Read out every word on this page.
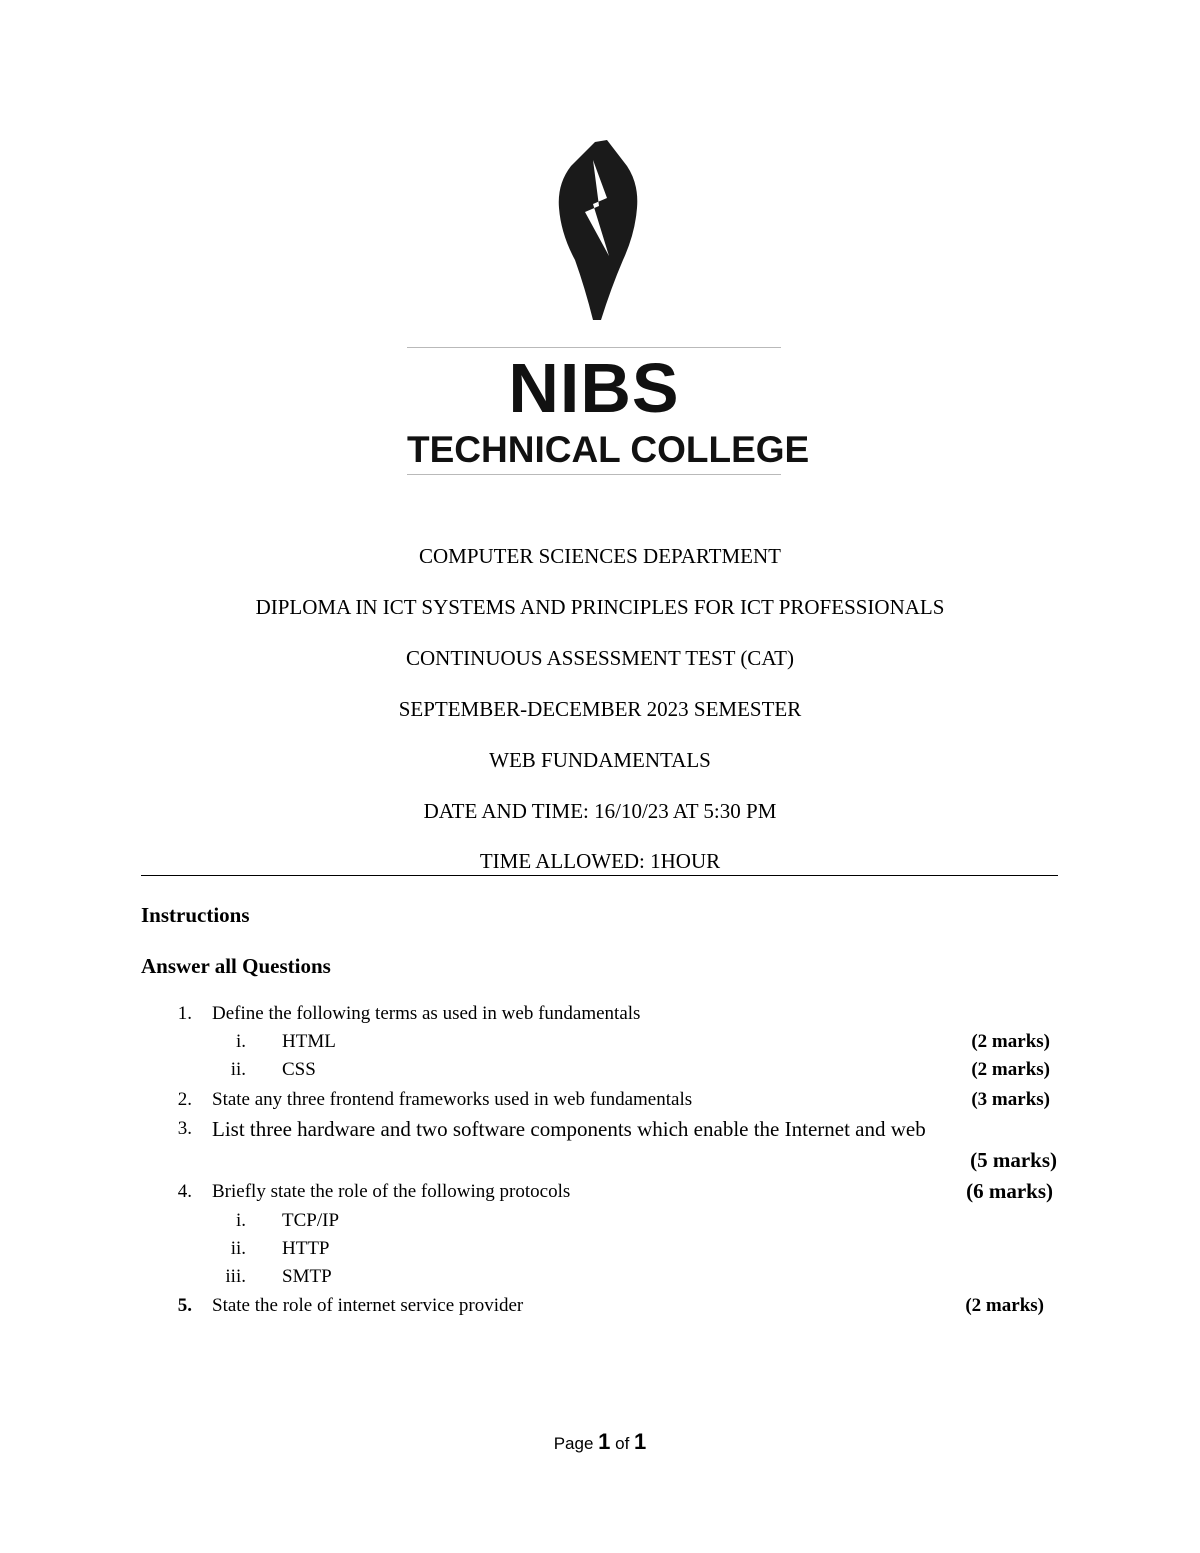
NIBS
TECHNICAL COLLEGE
COMPUTER SCIENCES DEPARTMENT
DIPLOMA IN ICT SYSTEMS AND PRINCIPLES FOR ICT PROFESSIONALS
CONTINUOUS ASSESSMENT TEST (CAT)
SEPTEMBER-DECEMBER 2023 SEMESTER
WEB FUNDAMENTALS
DATE AND TIME: 16/10/23 AT 5:30 PM
TIME ALLOWED: 1HOUR
Instructions
Answer all Questions
1. Define the following terms as used in web fundamentals
i. HTML	(2 marks)
ii. CSS	(2 marks)
2. State any three frontend frameworks used in web fundamentals	(3 marks)
3. List three hardware and two software components which enable the Internet and web
(5 marks)
4. Briefly state the role of the following protocols	(6 marks)
i. TCP/IP
ii. HTTP
iii. SMTP
5. State the role of internet service provider	(2 marks)
Page 1 of 1
